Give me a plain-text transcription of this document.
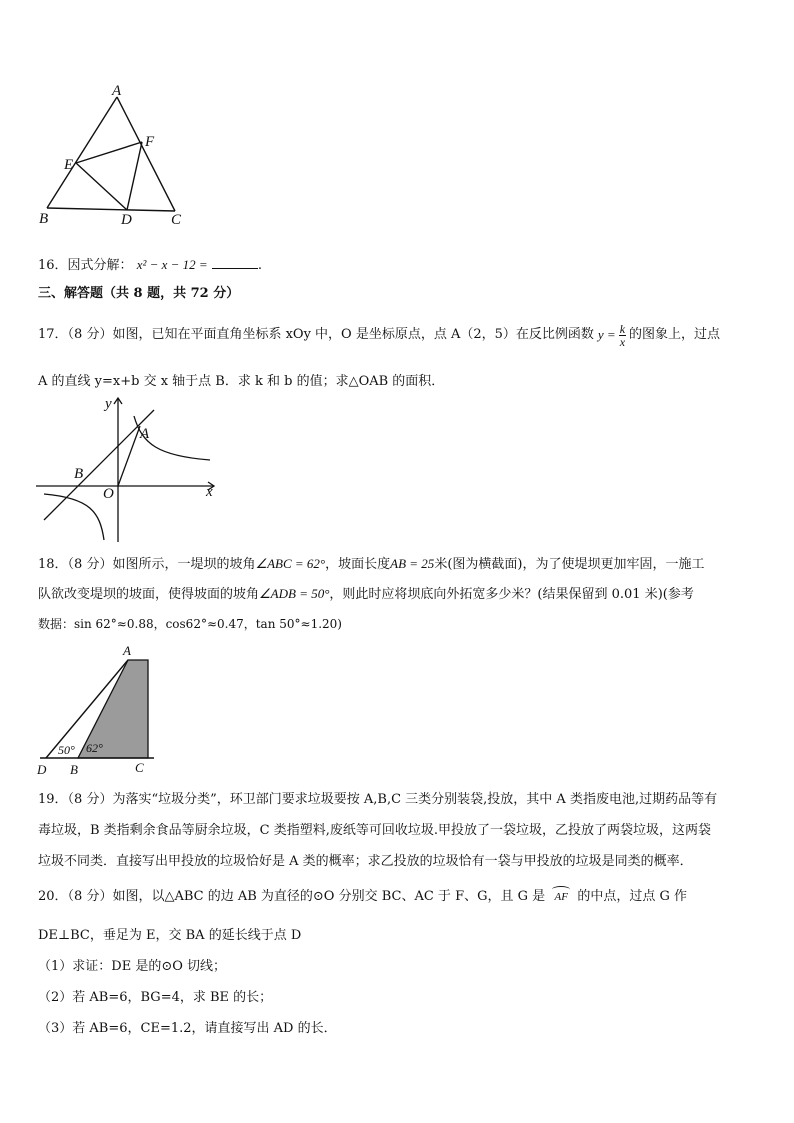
A
B	C
D
E
F
16．因式分解： x² − x − 12 =	.
三、解答题（共 8 题，共 72 分）
17．（8 分）如图，已知在平面直角坐标系 xOy 中，O 是坐标原点，点 A（2，5）在反比例函数 $y = \frac{k}{x}$ 的图象上，过点
A 的直线 y=x+b 交 x 轴于点 B．求 k 和 b 的值；求△OAB 的面积．
y
x
A
B
O
18．（8 分）如图所示，一堤坝的坡角∠ABC = 62°，坡面长度AB = 25米(图为横截面)，为了使堤坝更加牢固，一施工
队欲改变堤坝的坡面，使得坡面的坡角∠ADB = 50°，则此时应将坝底向外拓宽多少米？(结果保留到 0.01 米)(参考
数据：sin 62°≈0.88，cos62°≈0.47，tan 50°≈1.20)
A
D B	C
50° 62°
19．（8 分）为落实“垃圾分类”，环卫部门要求垃圾要按 A,B,C 三类分别装袋,投放，其中 A 类指废电池,过期药品等有
毒垃圾，B 类指剩余食品等厨余垃圾，C 类指塑料,废纸等可回收垃圾.甲投放了一袋垃圾，乙投放了两袋垃圾，这两袋
垃圾不同类．直接写出甲投放的垃圾恰好是 A 类的概率；求乙投放的垃圾恰有一袋与甲投放的垃圾是同类的概率．
20．（8 分）如图，以△ABC 的边 AB 为直径的⊙O 分别交 BC、AC 于 F、G，且 G 是 AF 的中点，过点 G 作
DE⊥BC，垂足为 E，交 BA 的延长线于点 D
（1）求证：DE 是的⊙O 切线；
（2）若 AB=6，BG=4，求 BE 的长；
（3）若 AB=6，CE=1.2，请直接写出 AD 的长．
